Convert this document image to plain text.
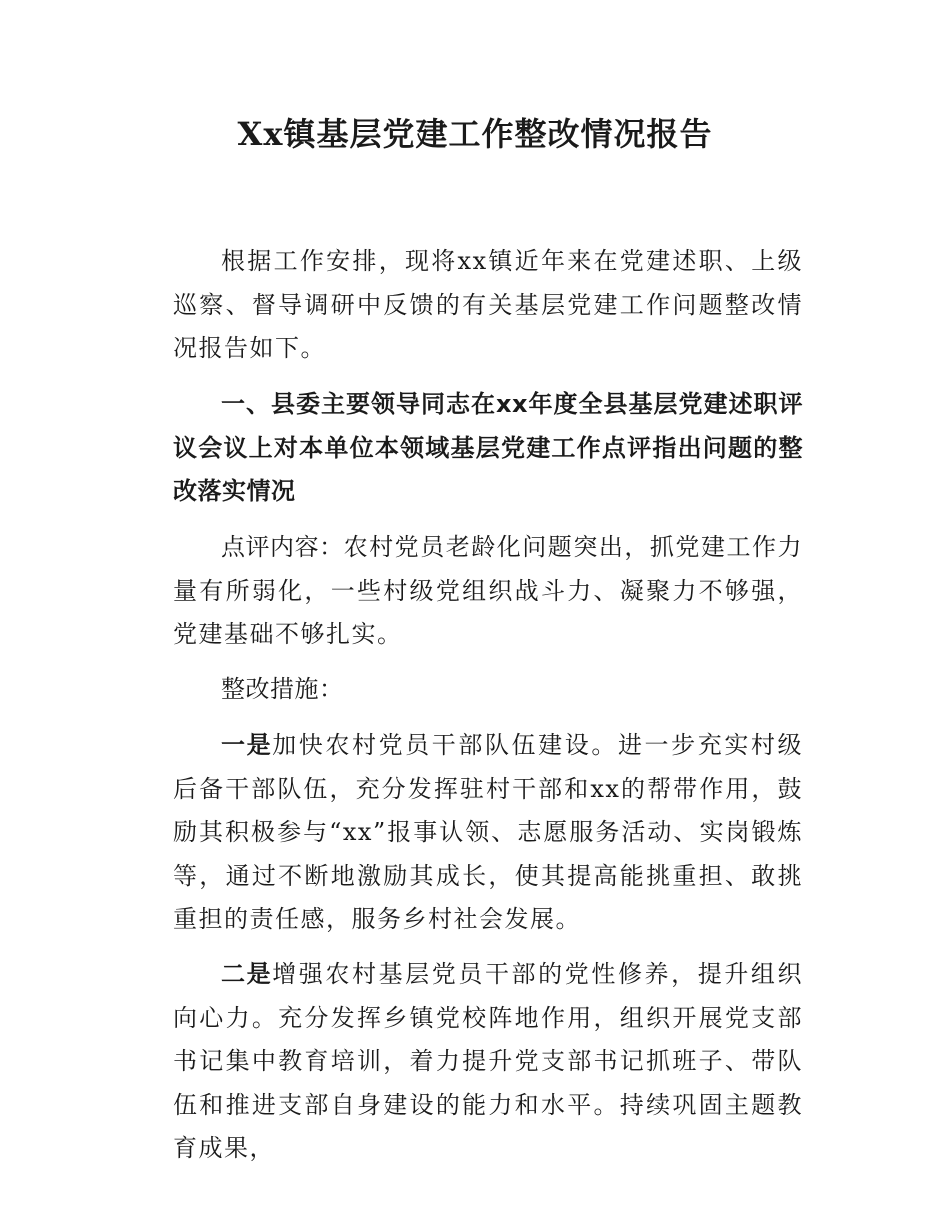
Xx镇基层党建工作整改情况报告

根据工作安排，现将xx镇近年来在党建述职、上级巡察、督导调研中反馈的有关基层党建工作问题整改情况报告如下。

一、县委主要领导同志在xx年度全县基层党建述职评议会议上对本单位本领域基层党建工作点评指出问题的整改落实情况

点评内容：农村党员老龄化问题突出，抓党建工作力量有所弱化，一些村级党组织战斗力、凝聚力不够强，党建基础不够扎实。

整改措施：

一是加快农村党员干部队伍建设。进一步充实村级后备干部队伍，充分发挥驻村干部和xx的帮带作用，鼓励其积极参与“xx”报事认领、志愿服务活动、实岗锻炼等，通过不断地激励其成长，使其提高能挑重担、敢挑重担的责任感，服务乡村社会发展。

二是增强农村基层党员干部的党性修养，提升组织向心力。充分发挥乡镇党校阵地作用，组织开展党支部书记集中教育培训，着力提升党支部书记抓班子、带队伍和推进支部自身建设的能力和水平。持续巩固主题教育成果，
